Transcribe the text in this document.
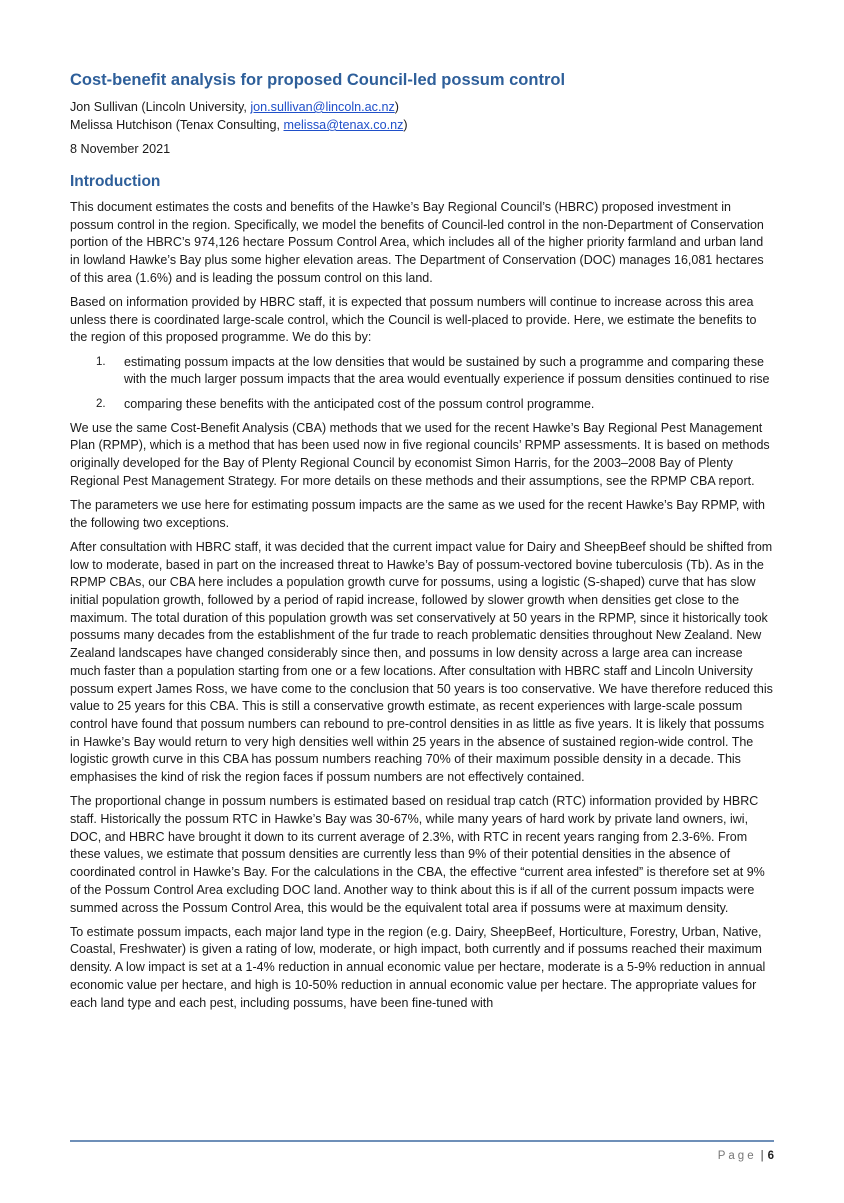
Cost-benefit analysis for proposed Council-led possum control
Jon Sullivan (Lincoln University, jon.sullivan@lincoln.ac.nz)
Melissa Hutchison (Tenax Consulting, melissa@tenax.co.nz)
8 November 2021
Introduction

This document estimates the costs and benefits of the Hawke’s Bay Regional Council’s (HBRC) proposed investment in possum control in the region. Specifically, we model the benefits of Council-led control in the non-Department of Conservation portion of the HBRC’s 974,126 hectare Possum Control Area, which includes all of the higher priority farmland and urban land in lowland Hawke’s Bay plus some higher elevation areas. The Department of Conservation (DOC) manages 16,081 hectares of this area (1.6%) and is leading the possum control on this land.

Based on information provided by HBRC staff, it is expected that possum numbers will continue to increase across this area unless there is coordinated large-scale control, which the Council is well-placed to provide. Here, we estimate the benefits to the region of this proposed programme. We do this by:

1. estimating possum impacts at the low densities that would be sustained by such a programme and comparing these with the much larger possum impacts that the area would eventually experience if possum densities continued to rise
2. comparing these benefits with the anticipated cost of the possum control programme.

We use the same Cost-Benefit Analysis (CBA) methods that we used for the recent Hawke’s Bay Regional Pest Management Plan (RPMP), which is a method that has been used now in five regional councils’ RPMP assessments. It is based on methods originally developed for the Bay of Plenty Regional Council by economist Simon Harris, for the 2003–2008 Bay of Plenty Regional Pest Management Strategy. For more details on these methods and their assumptions, see the RPMP CBA report.

The parameters we use here for estimating possum impacts are the same as we used for the recent Hawke’s Bay RPMP, with the following two exceptions.

After consultation with HBRC staff, it was decided that the current impact value for Dairy and SheepBeef should be shifted from low to moderate, based in part on the increased threat to Hawke’s Bay of possum-vectored bovine tuberculosis (Tb). As in the RPMP CBAs, our CBA here includes a population growth curve for possums, using a logistic (S-shaped) curve that has slow initial population growth, followed by a period of rapid increase, followed by slower growth when densities get close to the maximum. The total duration of this population growth was set conservatively at 50 years in the RPMP, since it historically took possums many decades from the establishment of the fur trade to reach problematic densities throughout New Zealand. New Zealand landscapes have changed considerably since then, and possums in low density across a large area can increase much faster than a population starting from one or a few locations. After consultation with HBRC staff and Lincoln University possum expert James Ross, we have come to the conclusion that 50 years is too conservative. We have therefore reduced this value to 25 years for this CBA. This is still a conservative growth estimate, as recent experiences with large-scale possum control have found that possum numbers can rebound to pre-control densities in as little as five years. It is likely that possums in Hawke’s Bay would return to very high densities well within 25 years in the absence of sustained region-wide control. The logistic growth curve in this CBA has possum numbers reaching 70% of their maximum possible density in a decade. This emphasises the kind of risk the region faces if possum numbers are not effectively contained.

The proportional change in possum numbers is estimated based on residual trap catch (RTC) information provided by HBRC staff. Historically the possum RTC in Hawke’s Bay was 30-67%, while many years of hard work by private land owners, iwi, DOC, and HBRC have brought it down to its current average of 2.3%, with RTC in recent years ranging from 2.3-6%. From these values, we estimate that possum densities are currently less than 9% of their potential densities in the absence of coordinated control in Hawke’s Bay. For the calculations in the CBA, the effective “current area infested” is therefore set at 9% of the Possum Control Area excluding DOC land. Another way to think about this is if all of the current possum impacts were summed across the Possum Control Area, this would be the equivalent total area if possums were at maximum density.

To estimate possum impacts, each major land type in the region (e.g. Dairy, SheepBeef, Horticulture, Forestry, Urban, Native, Coastal, Freshwater) is given a rating of low, moderate, or high impact, both currently and if possums reached their maximum density. A low impact is set at a 1-4% reduction in annual economic value per hectare, moderate is a 5-9% reduction in annual economic value per hectare, and high is 10-50% reduction in annual economic value per hectare. The appropriate values for each land type and each pest, including possums, have been fine-tuned with

Page | 6
